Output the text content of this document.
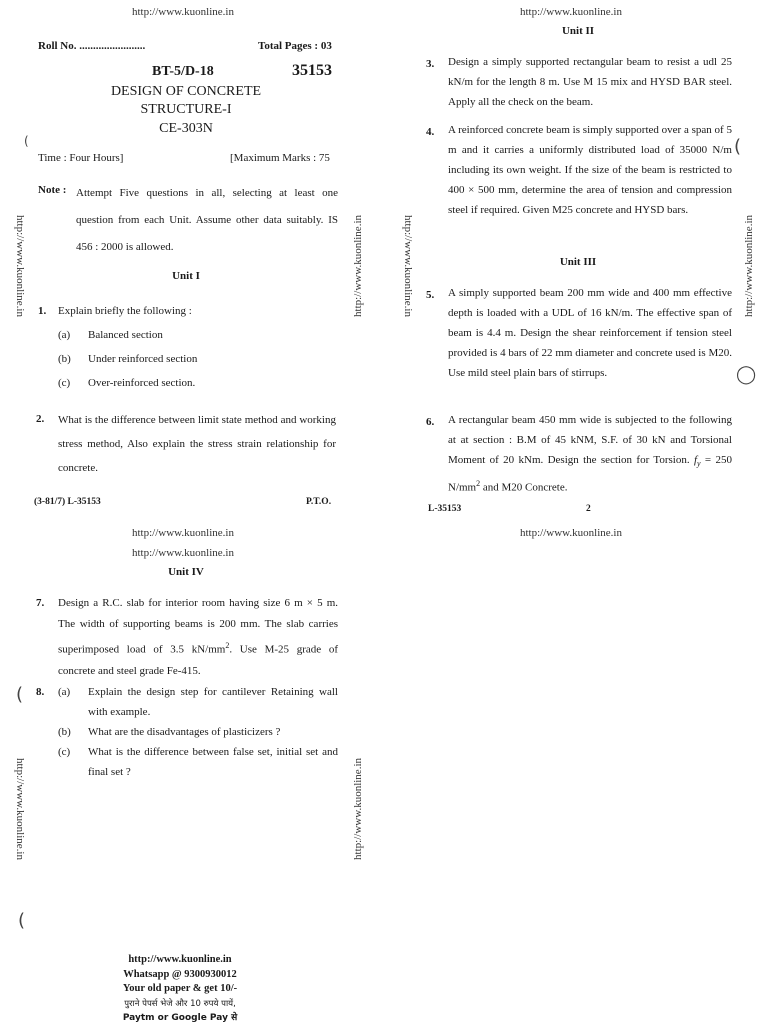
http://www.kuonline.in
Roll No. ........................	Total Pages : 03
BT-5/D-18	35153
DESIGN OF CONCRETE
STRUCTURE-I
CE-303N
(
Time : Four Hours]	[Maximum Marks : 75
Note : Attempt Five questions in all, selecting at least one question from each Unit. Assume other data suitably. IS 456 : 2000 is allowed.
Unit I
1. Explain briefly the following :
(a) Balanced section
(b) Under reinforced section
(c) Over-reinforced section.
2. What is the difference between limit state method and working stress method, Also explain the stress strain relationship for concrete.
(3-81/7) L-35153	P.T.O.
http://www.kuonline.in	http://www.kuonline.in
http://www.kuonline.in
Unit II
3. Design a simply supported rectangular beam to resist a udl 25 kN/m for the length 8 m. Use M 15 mix and HYSD BAR steel. Apply all the check on the beam.
4. A reinforced concrete beam is simply supported over a span of 5 m and it carries a uniformly distributed load of 35000 N/m including its own weight. If the size of the beam is restricted to 400 × 500 mm, determine the area of tension and compression steel if required. Given M25 concrete and HYSD bars.
(
Unit III
5. A simply supported beam 200 mm wide and 400 mm effective depth is loaded with a UDL of 16 kN/m. The effective span of beam is 4.4 m. Design the shear reinforcement if tension steel provided is 4 bars of 22 mm diameter and concrete used is M20. Use mild steel plain bars of stirrups.	◯
6. A rectangular beam 450 mm wide is subjected to the following at at section : B.M of 45 kNM, S.F. of 30 kN and Torsional Moment of 20 kNm. Design the section for Torsion. $f_y = 250$ $N/mm^2$ and M20 Concrete.
L-35153	2
http://www.kuonline.in
http://www.kuonline.in	http://www.kuonline.in
http://www.kuonline.in
http://www.kuonline.in
Unit IV
7. Design a R.C. slab for interior room having size 6 m × 5 m. The width of supporting beams is 200 mm. The slab carries superimposed load of 3.5 $kN/mm^2$. Use M-25 grade of concrete and steel grade Fe-415.
( 8. (a) Explain the design step for cantilever Retaining wall with example.
(b) What are the disadvantages of plasticizers ?
(c) What is the difference between false set, initial set and final set ?
http://www.kuonline.in	http://www.kuonline.in
(
http://www.kuonline.in
Whatsapp @ 9300930012
Your old paper & get 10/-
पुराने पेपर्स भेजे और 10 रुपये पायें,
Paytm or Google Pay से
